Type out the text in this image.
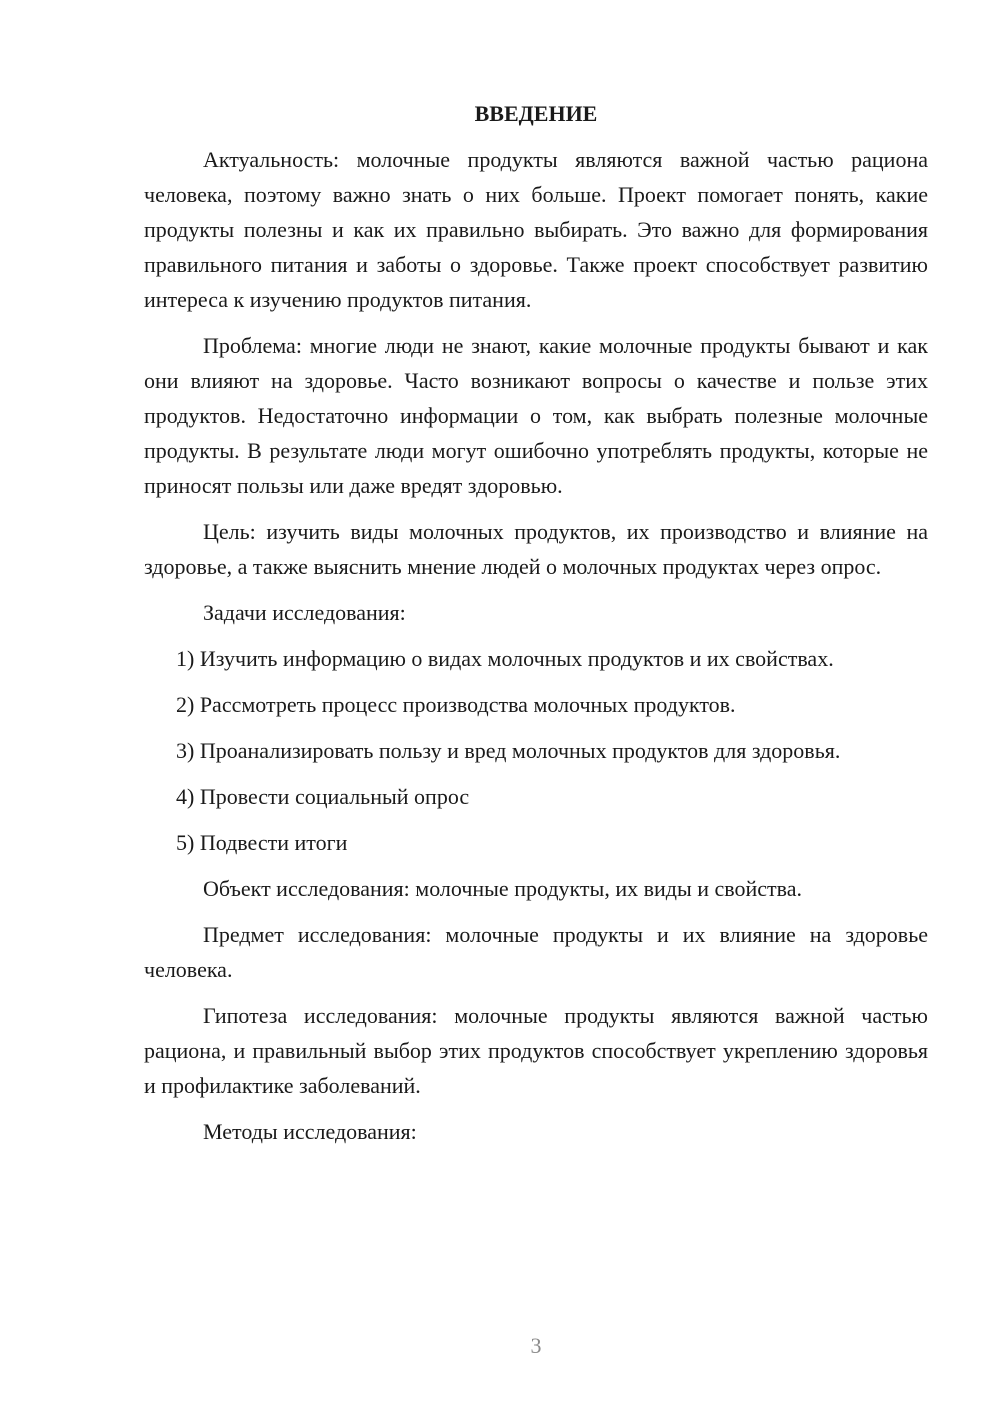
ВВЕДЕНИЕ

Актуальность: молочные продукты являются важной частью рациона человека, поэтому важно знать о них больше. Проект помогает понять, какие продукты полезны и как их правильно выбирать. Это важно для формирования правильного питания и заботы о здоровье. Также проект способствует развитию интереса к изучению продуктов питания.

Проблема: многие люди не знают, какие молочные продукты бывают и как они влияют на здоровье. Часто возникают вопросы о качестве и пользе этих продуктов. Недостаточно информации о том, как выбрать полезные молочные продукты. В результате люди могут ошибочно употреблять продукты, которые не приносят пользы или даже вредят здоровью.

Цель: изучить виды молочных продуктов, их производство и влияние на здоровье, а также выяснить мнение людей о молочных продуктах через опрос.

Задачи исследования:

1) Изучить информацию о видах молочных продуктов и их свойствах.

2) Рассмотреть процесс производства молочных продуктов.

3) Проанализировать пользу и вред молочных продуктов для здоровья.

4) Провести социальный опрос

5) Подвести итоги

Объект исследования: молочные продукты, их виды и свойства.

Предмет исследования: молочные продукты и их влияние на здоровье человека.

Гипотеза исследования: молочные продукты являются важной частью рациона, и правильный выбор этих продуктов способствует укреплению здоровья и профилактике заболеваний.

Методы исследования:

3
